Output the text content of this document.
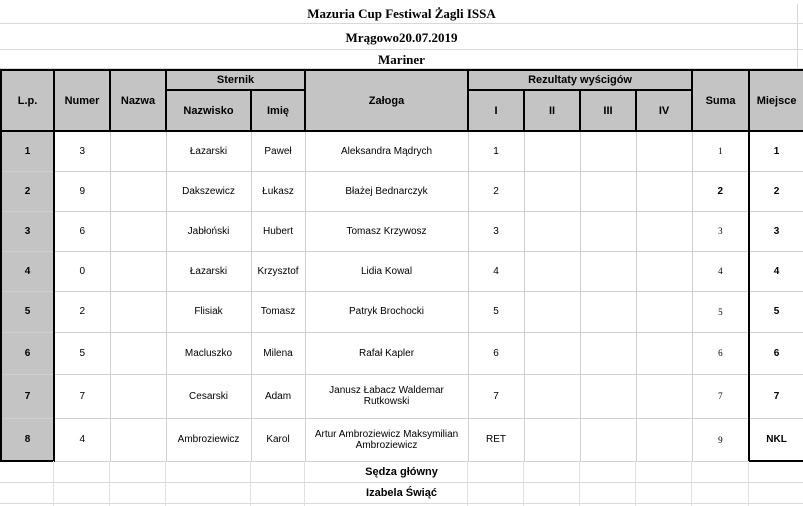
Mazuria Cup Festiwal Żagli ISSA
Mrągowo20.07.2019
Mariner
L.p.	Numer	Nazwa	Sternik		Załoga	Rezultaty wyścigów				Suma	Miejsce
			Nazwisko	Imię		I	II	III	IV		
1	3		Łazarski	Paweł	Aleksandra Mądrych	1				1	1
2	9		Dakszewicz	Łukasz	Błażej Bednarczyk	2				2	2
3	6		Jabłoński	Hubert	Tomasz Krzywosz	3				3	3
4	0		Łazarski	Krzysztof	Lidia Kowal	4				4	4
5	2		Flisiak	Tomasz	Patryk Brochocki	5				5	5
6	5		Macluszko	Milena	Rafał Kapler	6				6	6
7	7		Cesarski	Adam	Janusz Łabacz Waldemar Rutkowski	7				7	7
8	4		Ambroziewicz	Karol	Artur Ambroziewicz Maksymilian Ambroziewicz	RET				9	NKL
Sędza główny
Izabela Świąć
